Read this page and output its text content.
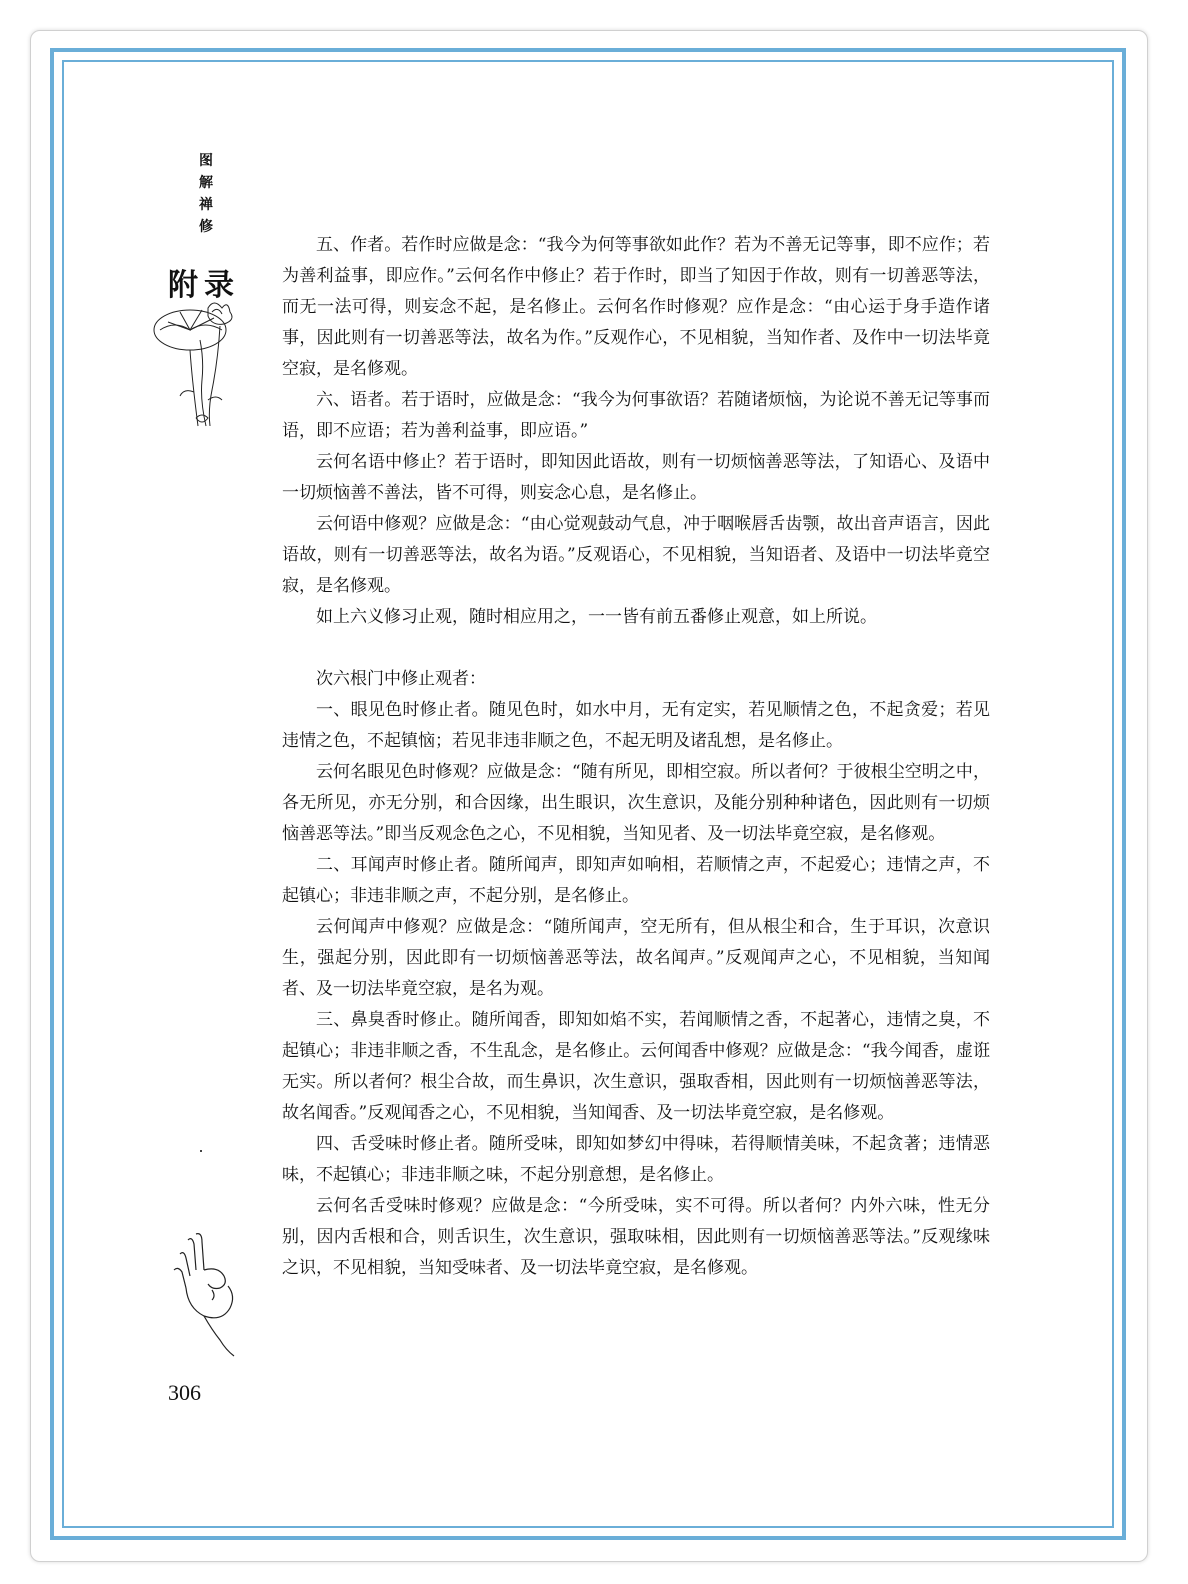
图
解
禅
修
附录
306

五、作者。若作时应做是念：“我今为何等事欲如此作？若为不善无记等事，即不应作；若为善利益事，即应作。”云何名作中修止？若于作时，即当了知因于作故，则有一切善恶等法，而无一法可得，则妄念不起，是名修止。云何名作时修观？应作是念：“由心运于身手造作诸事，因此则有一切善恶等法，故名为作。”反观作心，不见相貌，当知作者、及作中一切法毕竟空寂，是名修观。

六、语者。若于语时，应做是念：“我今为何事欲语？若随诸烦恼，为论说不善无记等事而语，即不应语；若为善利益事，即应语。”

云何名语中修止？若于语时，即知因此语故，则有一切烦恼善恶等法，了知语心、及语中一切烦恼善不善法，皆不可得，则妄念心息，是名修止。

云何语中修观？应做是念：“由心觉观鼓动气息，冲于咽喉唇舌齿颚，故出音声语言，因此语故，则有一切善恶等法，故名为语。”反观语心，不见相貌，当知语者、及语中一切法毕竟空寂，是名修观。

如上六义修习止观，随时相应用之，一一皆有前五番修止观意，如上所说。

次六根门中修止观者：

一、眼见色时修止者。随见色时，如水中月，无有定实，若见顺情之色，不起贪爱；若见违情之色，不起镇恼；若见非违非顺之色，不起无明及诸乱想，是名修止。

云何名眼见色时修观？应做是念：“随有所见，即相空寂。所以者何？于彼根尘空明之中，各无所见，亦无分别，和合因缘，出生眼识，次生意识，及能分别种种诸色，因此则有一切烦恼善恶等法。”即当反观念色之心，不见相貌，当知见者、及一切法毕竟空寂，是名修观。

二、耳闻声时修止者。随所闻声，即知声如响相，若顺情之声，不起爱心；违情之声，不起镇心；非违非顺之声，不起分别，是名修止。

云何闻声中修观？应做是念：“随所闻声，空无所有，但从根尘和合，生于耳识，次意识生，强起分别，因此即有一切烦恼善恶等法，故名闻声。”反观闻声之心，不见相貌，当知闻者、及一切法毕竟空寂，是名为观。

三、鼻臭香时修止。随所闻香，即知如焰不实，若闻顺情之香，不起著心，违情之臭，不起镇心；非违非顺之香，不生乱念，是名修止。云何闻香中修观？应做是念：“我今闻香，虚诳无实。所以者何？根尘合故，而生鼻识，次生意识，强取香相，因此则有一切烦恼善恶等法，故名闻香。”反观闻香之心，不见相貌，当知闻香、及一切法毕竟空寂，是名修观。

四、舌受味时修止者。随所受味，即知如梦幻中得味，若得顺情美味，不起贪著；违情恶味，不起镇心；非违非顺之味，不起分别意想，是名修止。

云何名舌受味时修观？应做是念：“今所受味，实不可得。所以者何？内外六味，性无分别，因内舌根和合，则舌识生，次生意识，强取味相，因此则有一切烦恼善恶等法。”反观缘味之识，不见相貌，当知受味者、及一切法毕竟空寂，是名修观。
